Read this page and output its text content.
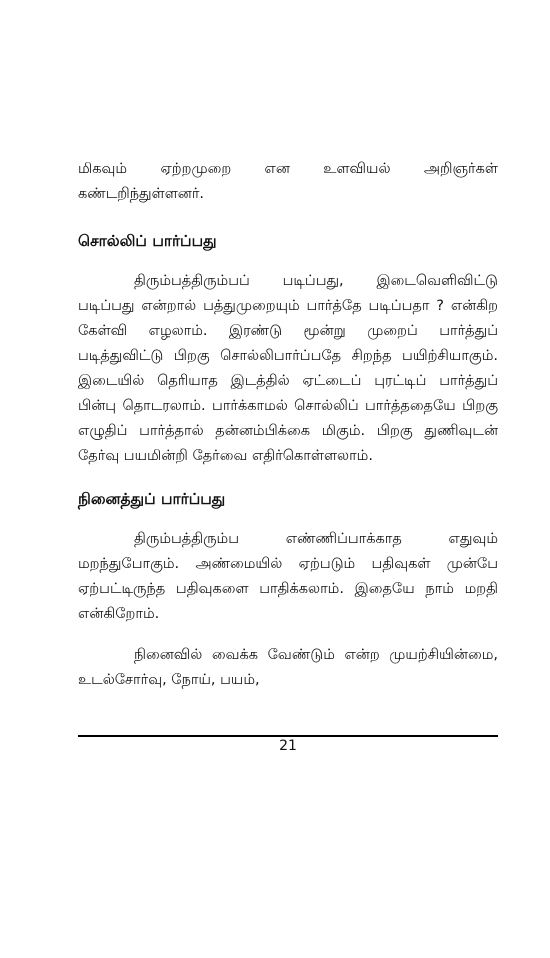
மிகவும் ஏற்றமுறை என உளவியல் அறிஞர்கள் கண்டறிந்துள்ளனர்.

சொல்லிப் பார்ப்பது

திரும்பத்திரும்பப் படிப்பது, இடைவெளிவிட்டு படிப்பது என்றால் பத்துமுறையும் பார்த்தே படிப்பதா ? என்கிற கேள்வி எழலாம். இரண்டு மூன்று முறைப் பார்த்துப் படித்துவிட்டு பிறகு சொல்லிபார்ப்பதே சிறந்த பயிற்சியாகும். இடையில் தெரியாத இடத்தில் ஏட்டைப் புரட்டிப் பார்த்துப் பின்பு தொடரலாம். பார்க்காமல் சொல்லிப் பார்த்ததையே பிறகு எழுதிப் பார்த்தால் தன்னம்பிக்கை மிகும். பிறகு துணிவுடன் தேர்வு பயமின்றி தேர்வை எதிர்கொள்ளலாம்.

நினைத்துப் பார்ப்பது

திரும்பத்திரும்ப எண்ணிப்பாக்காத எதுவும் மறந்துபோகும். அண்மையில் ஏற்படும் பதிவுகள் முன்பே ஏற்பட்டிருந்த பதிவுகளை பாதிக்கலாம். இதையே நாம் மறதி என்கிறோம்.

நினைவில் வைக்க வேண்டும் என்ற முயற்சியின்மை, உடல்சோர்வு, நோய், பயம்,

21
